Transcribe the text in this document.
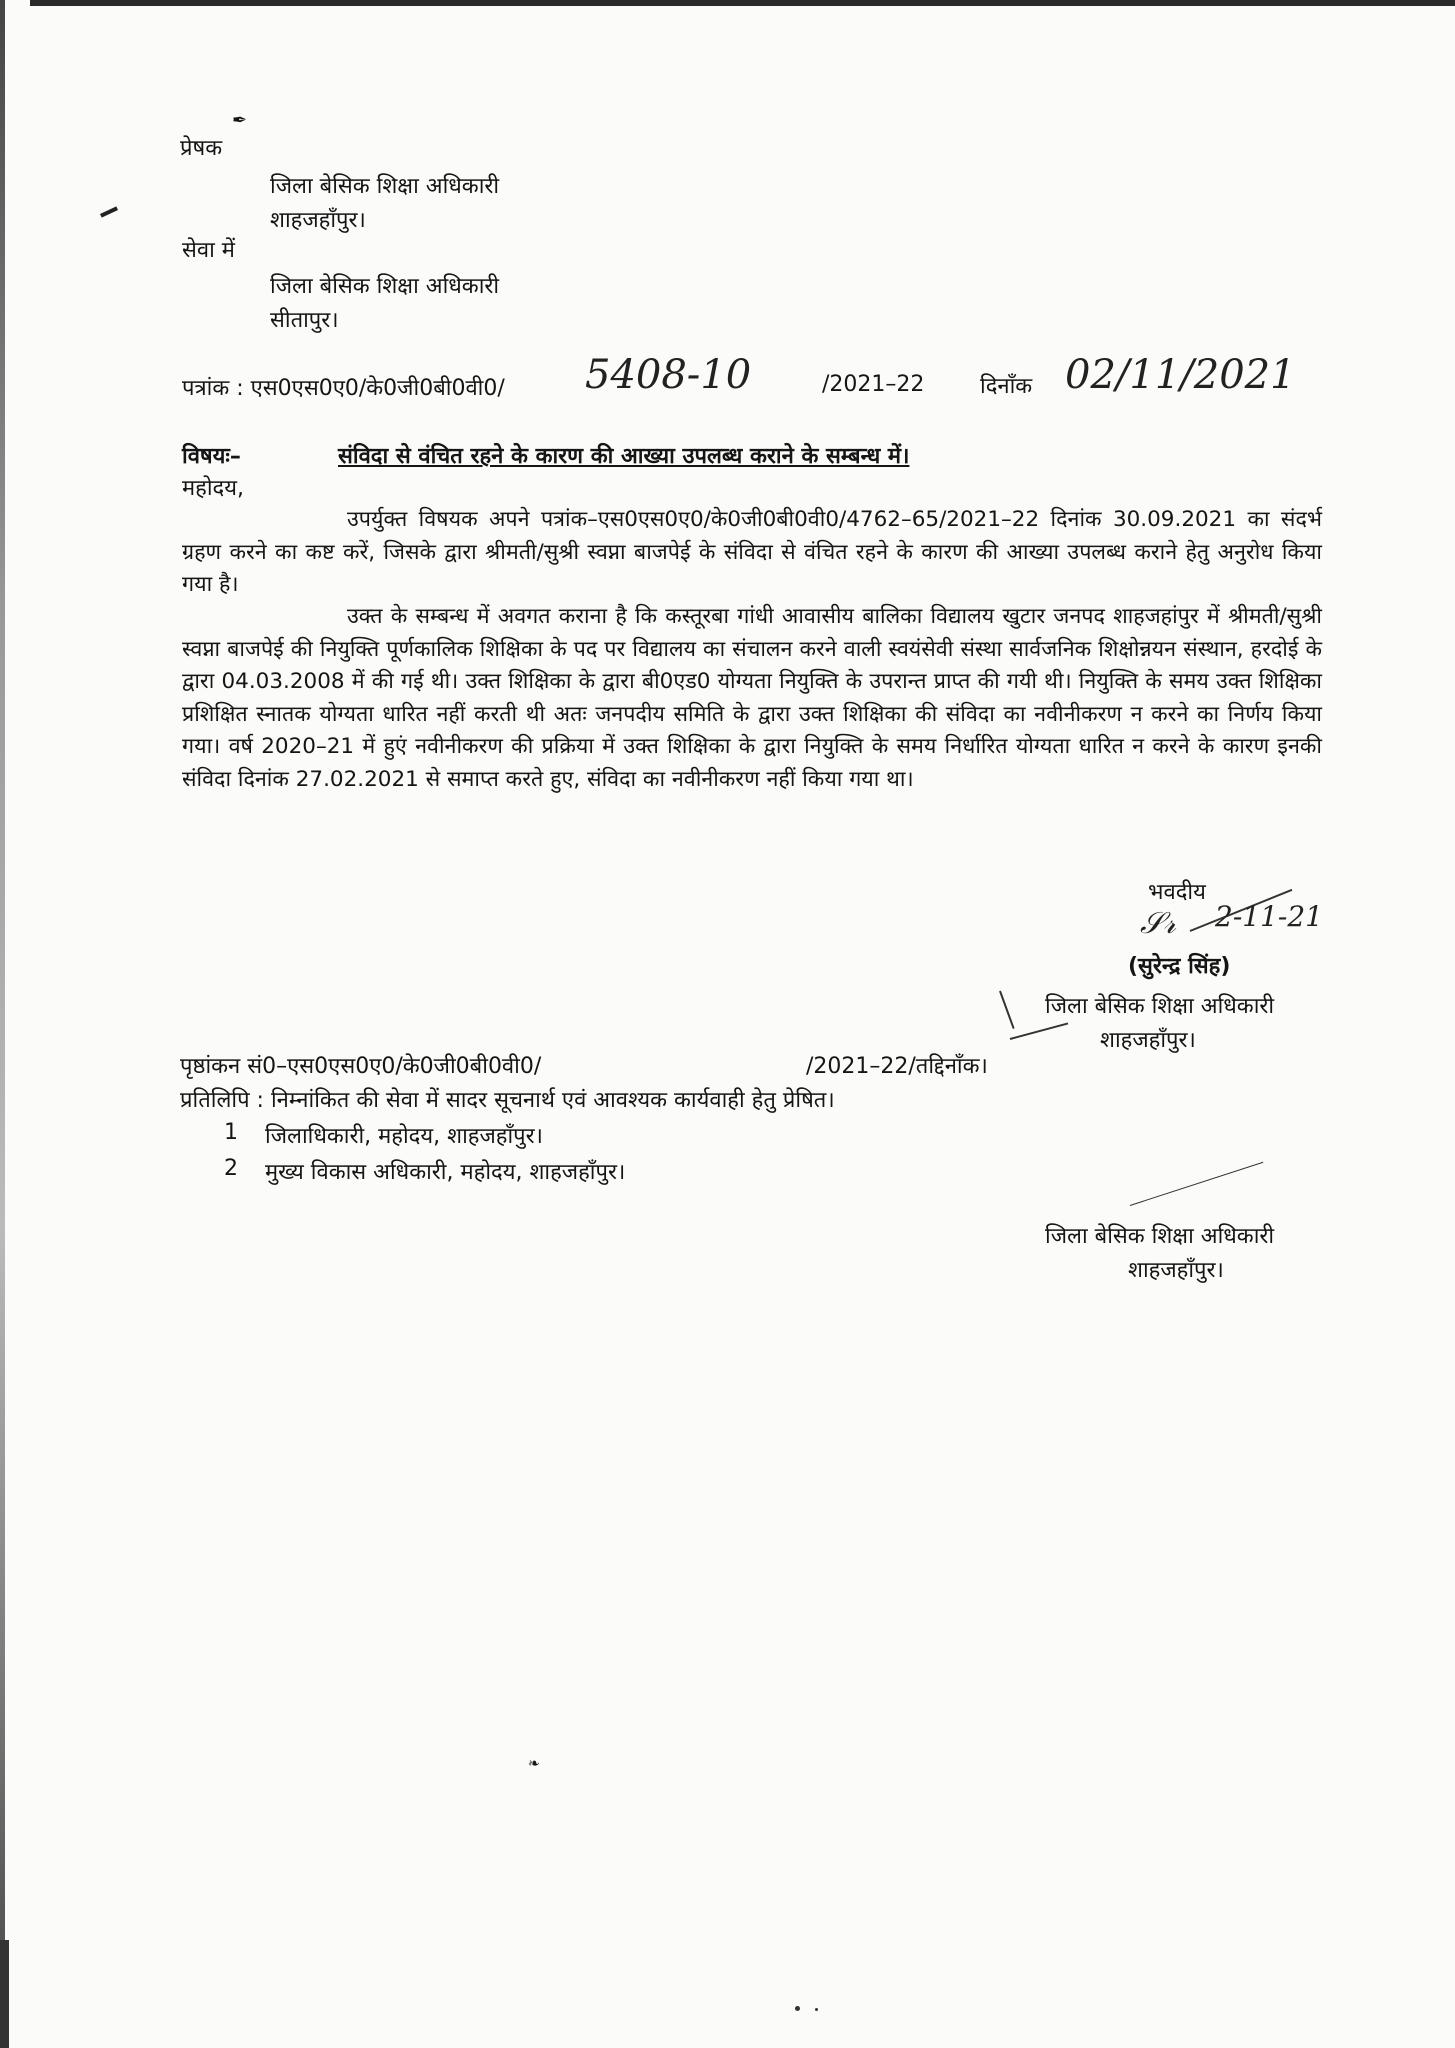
प्रेषक
✒
जिला बेसिक शिक्षा अधिकारी
शाहजहाँपुर।
सेवा में
जिला बेसिक शिक्षा अधिकारी
सीतापुर।
पत्रांक : एस0एस0ए0/के0जी0बी0वी0/ 5408-10	/2021–22	दिनाँक 02/11/2021
विषयः–	संविदा से वंचित रहने के कारण की आख्या उपलब्ध कराने के सम्बन्ध में।
महोदय,
उपर्युक्त विषयक अपने पत्रांक–एस0एस0ए0/के0जी0बी0वी0/4762–65/2021–22 दिनांक 30.09.2021 का संदर्भ ग्रहण करने का कष्ट करें, जिसके द्वारा श्रीमती/सुश्री स्वप्ना बाजपेई के संविदा से वंचित रहने के कारण की आख्या उपलब्ध कराने हेतु अनुरोध किया गया है।
उक्त के सम्बन्ध में अवगत कराना है कि कस्तूरबा गांधी आवासीय बालिका विद्यालय खुटार जनपद शाहजहांपुर में श्रीमती/सुश्री स्वप्ना बाजपेई की नियुक्ति पूर्णकालिक शिक्षिका के पद पर विद्यालय का संचालन करने वाली स्वयंसेवी संस्था सार्वजनिक शिक्षोन्नयन संस्थान, हरदोई के द्वारा 04.03.2008 में की गई थी। उक्त शिक्षिका के द्वारा बी0एड0 योग्यता नियुक्ति के उपरान्त प्राप्त की गयी थी। नियुक्ति के समय उक्त शिक्षिका प्रशिक्षित स्नातक योग्यता धारित नहीं करती थी अतः जनपदीय समिति के द्वारा उक्त शिक्षिका की संविदा का नवीनीकरण न करने का निर्णय किया गया। वर्ष 2020–21 में हुएं नवीनीकरण की प्रक्रिया में उक्त शिक्षिका के द्वारा नियुक्ति के समय निर्धारित योग्यता धारित न करने के कारण इनकी संविदा दिनांक 27.02.2021 से समाप्त करते हुए, संविदा का नवीनीकरण नहीं किया गया था।
भवदीय
𝒮𝓇 2-11-21
(सुरेन्द्र सिंह)
जिला बेसिक शिक्षा अधिकारी
शाहजहाँपुर।
पृष्ठांकन सं0–एस0एस0ए0/के0जी0बी0वी0/	/2021–22/तद्दिनाँक।
प्रतिलिपि : निम्नांकित की सेवा में सादर सूचनार्थ एवं आवश्यक कार्यवाही हेतु प्रेषित।
1 जिलाधिकारी, महोदय, शाहजहाँपुर।
2 मुख्य विकास अधिकारी, महोदय, शाहजहाँपुर।
जिला बेसिक शिक्षा अधिकारी
शाहजहाँपुर।
❧
